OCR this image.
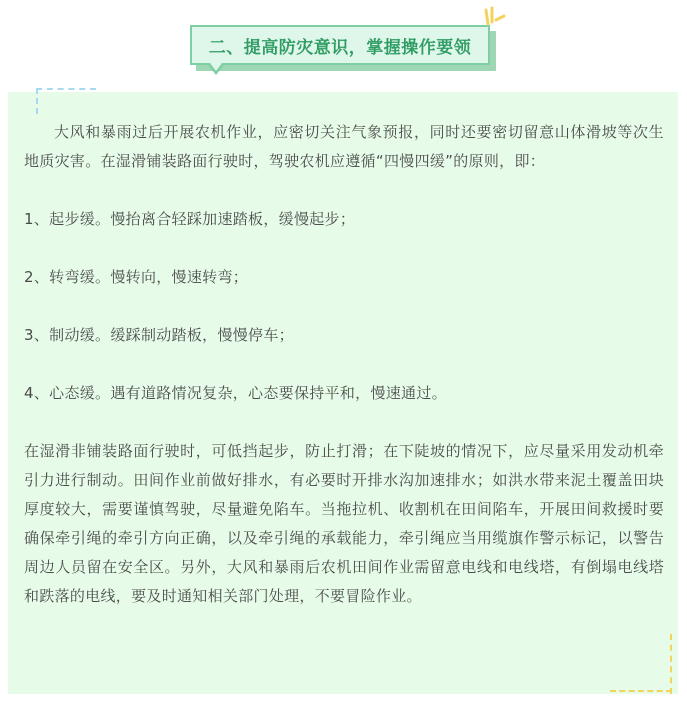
二、提高防灾意识，掌握操作要领

大风和暴雨过后开展农机作业，应密切关注气象预报，同时还要密切留意山体滑坡等次生地质灾害。在湿滑铺装路面行驶时，驾驶农机应遵循“四慢四缓”的原则，即：

1、起步缓。慢抬离合轻踩加速踏板，缓慢起步；

2、转弯缓。慢转向，慢速转弯；

3、制动缓。缓踩制动踏板，慢慢停车；

4、心态缓。遇有道路情况复杂，心态要保持平和，慢速通过。

在湿滑非铺装路面行驶时，可低挡起步，防止打滑；在下陡坡的情况下，应尽量采用发动机牵引力进行制动。田间作业前做好排水，有必要时开排水沟加速排水；如洪水带来泥土覆盖田块厚度较大，需要谨慎驾驶，尽量避免陷车。当拖拉机、收割机在田间陷车，开展田间救援时要确保牵引绳的牵引方向正确，以及牵引绳的承载能力，牵引绳应当用缆旗作警示标记，以警告周边人员留在安全区。另外，大风和暴雨后农机田间作业需留意电线和电线塔，有倒塌电线塔和跌落的电线，要及时通知相关部门处理，不要冒险作业。
